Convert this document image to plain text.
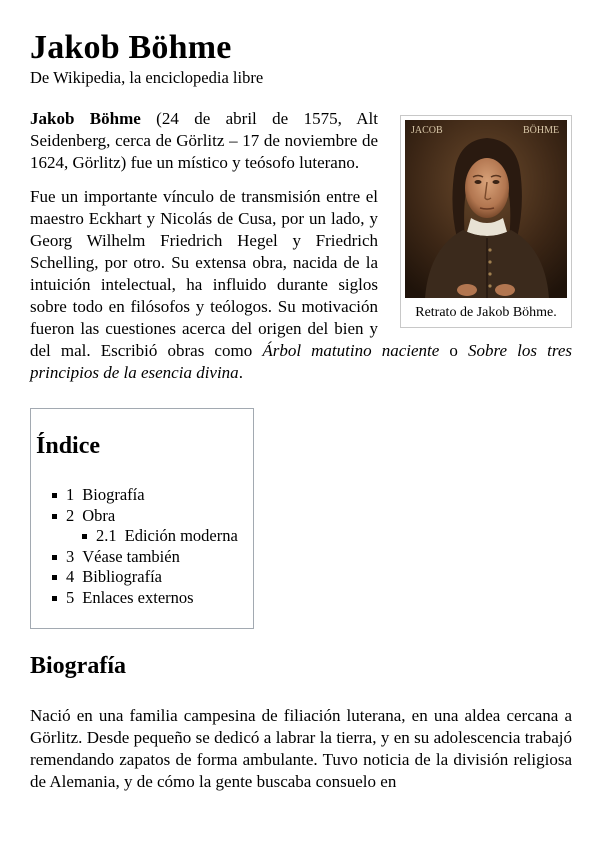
Jakob Böhme
De Wikipedia, la enciclopedia libre
JACOB	BÖHME
Retrato de Jakob Böhme.

Jakob Böhme (24 de abril de 1575, Alt Seidenberg, cerca de Görlitz – 17 de noviembre de 1624, Görlitz) fue un místico y teósofo luterano.

Fue un importante vínculo de transmisión entre el maestro Eckhart y Nicolás de Cusa, por un lado, y Georg Wilhelm Friedrich Hegel y Friedrich Schelling, por otro. Su extensa obra, nacida de la intuición intelectual, ha influido durante siglos sobre todo en filósofos y teólogos. Su motivación fueron las cuestiones acerca del origen del bien y del mal. Escribió obras como Árbol matutino naciente o Sobre los tres principios de la esencia divina.

Índice
1 Biografía
2 Obra
2.1 Edición moderna
3 Véase también
4 Bibliografía
5 Enlaces externos
Biografía

Nació en una familia campesina de filiación luterana, en una aldea cercana a Görlitz. Desde pequeño se dedicó a labrar la tierra, y en su adolescencia trabajó remendando zapatos de forma ambulante. Tuvo noticia de la división religiosa de Alemania, y de cómo la gente buscaba consuelo en
